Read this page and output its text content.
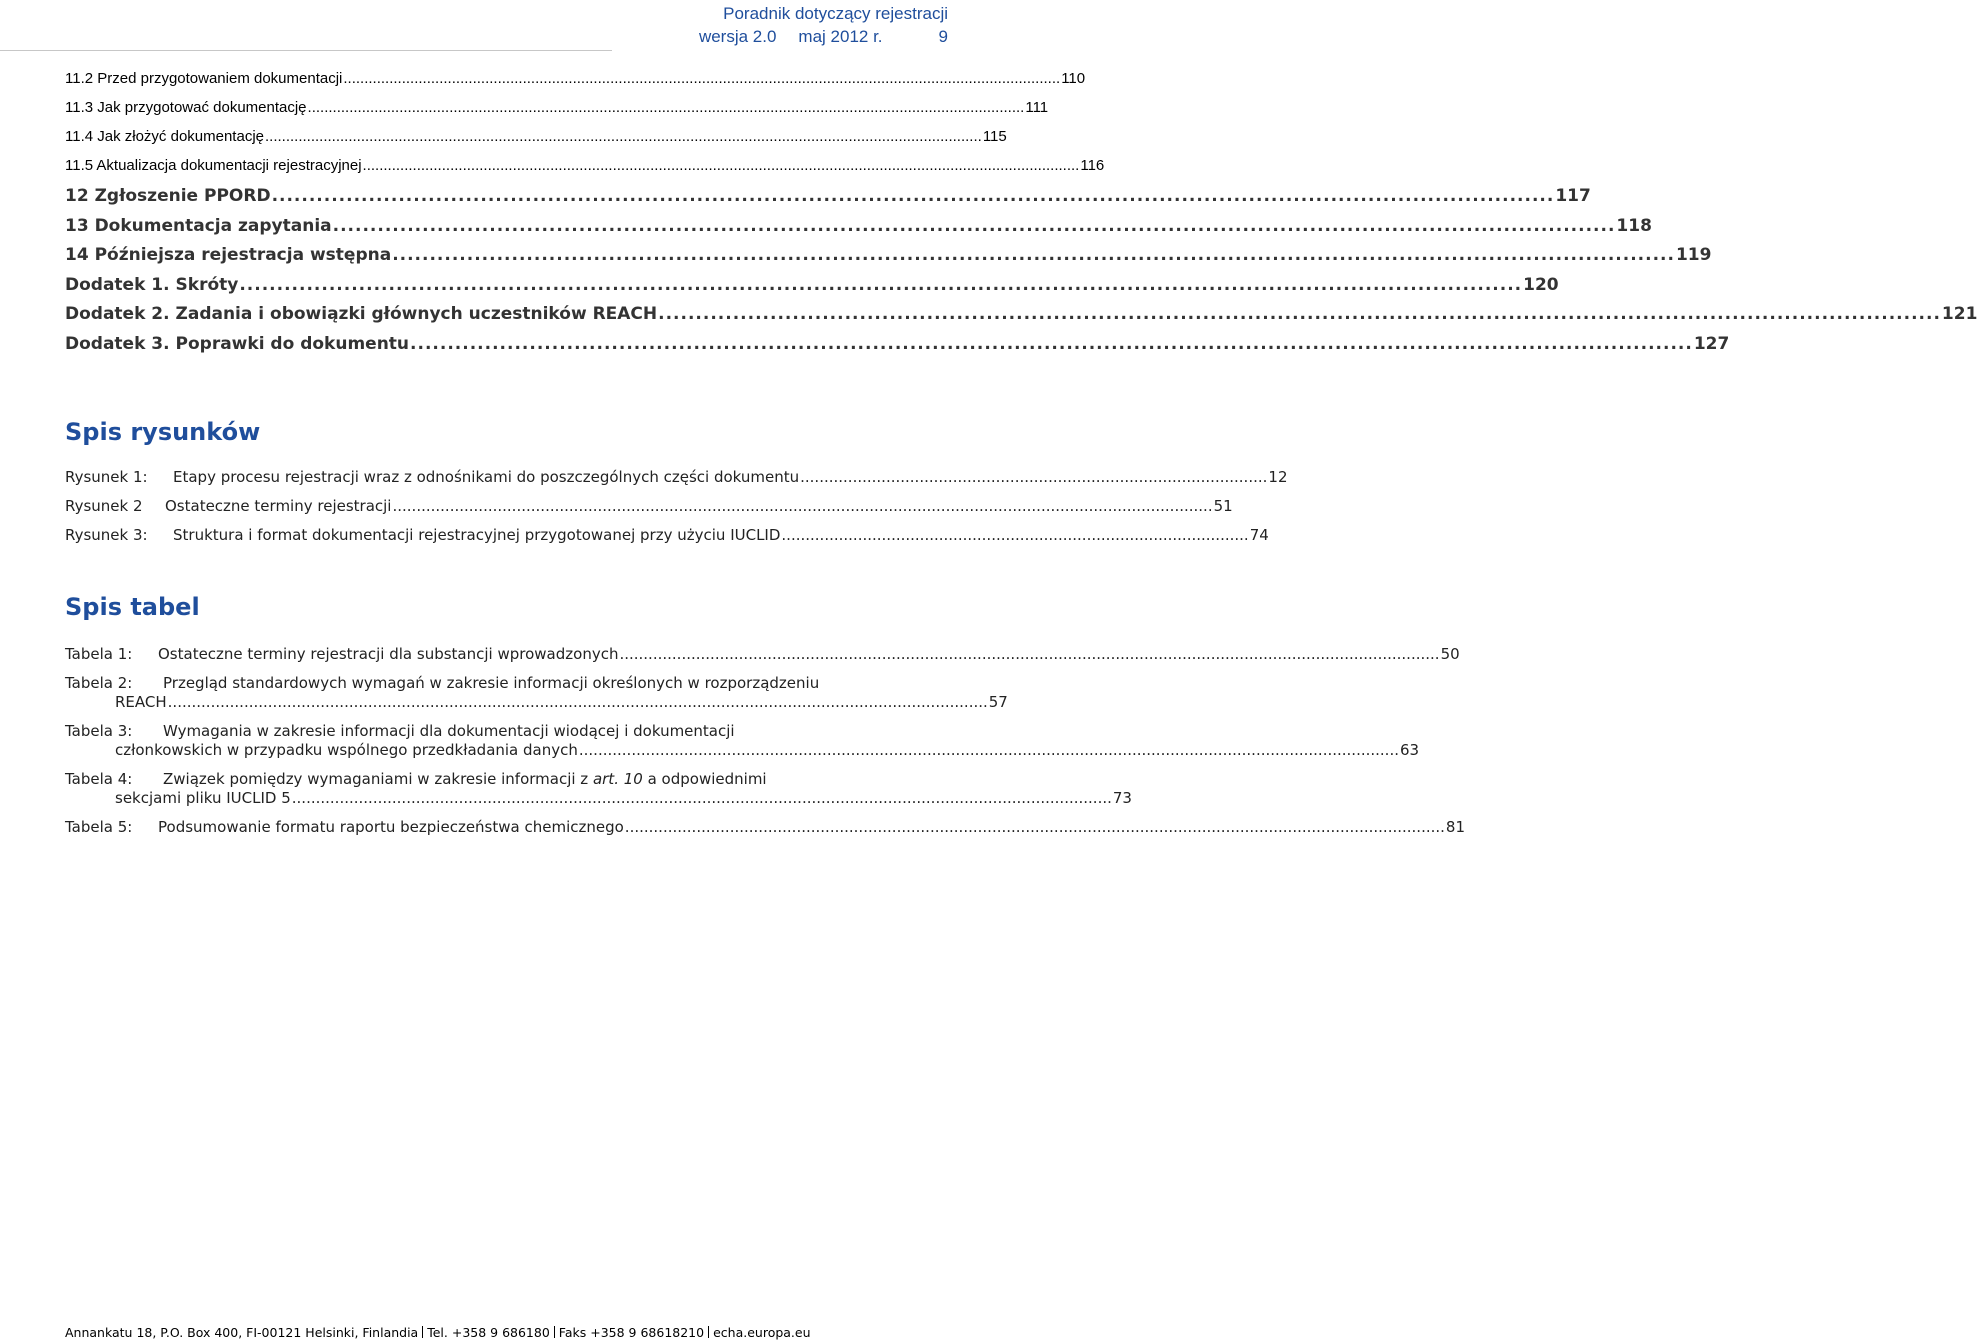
Poradnik dotyczący rejestracji
wersja 2.0 maj 2012 r.	9
11.2 Przed przygotowaniem dokumentacji ............................................................................................................................................................................ 110
11.3 Jak przygotować dokumentację ............................................................................................................................................................................ 111
11.4 Jak złożyć dokumentację ............................................................................................................................................................................ 115
11.5 Aktualizacja dokumentacji rejestracyjnej ............................................................................................................................................................................ 116
12 Zgłoszenie PPORD ............................................................................................................................................................................ 117
13 Dokumentacja zapytania ............................................................................................................................................................................ 118
14 Późniejsza rejestracja wstępna ............................................................................................................................................................................ 119
Dodatek 1. Skróty ............................................................................................................................................................................ 120
Dodatek 2. Zadania i obowiązki głównych uczestników REACH ............................................................................................................................................................................ 121
Dodatek 3. Poprawki do dokumentu ............................................................................................................................................................................ 127
Spis rysunków
Rysunek 1:	Etapy procesu rejestracji wraz z odnośnikami do poszczególnych części dokumentu .................................................................................................. 12
Rysunek 2	Ostateczne terminy rejestracji ............................................................................................................................................................................ 51
Rysunek 3:	Struktura i format dokumentacji rejestracyjnej przygotowanej przy użyciu IUCLID .................................................................................................. 74
Spis tabel
Tabela 1:	Ostateczne terminy rejestracji dla substancji wprowadzonych ............................................................................................................................................................................ 50
Tabela 2:	Przegląd standardowych wymagań w zakresie informacji określonych w rozporządzeniu
REACH ............................................................................................................................................................................ 57
Tabela 3:	Wymagania w zakresie informacji dla dokumentacji wiodącej i dokumentacji
członkowskich w przypadku wspólnego przedkładania danych ............................................................................................................................................................................ 63
Tabela 4:	Związek pomiędzy wymaganiami w zakresie informacji z art. 10 a odpowiednimi
sekcjami pliku IUCLID 5 ............................................................................................................................................................................ 73
Tabela 5:	Podsumowanie formatu raportu bezpieczeństwa chemicznego ............................................................................................................................................................................ 81
Annankatu 18, P.O. Box 400, FI-00121 Helsinki, Finlandia Tel. +358 9 686180 Faks +358 9 68618210 echa.europa.eu
